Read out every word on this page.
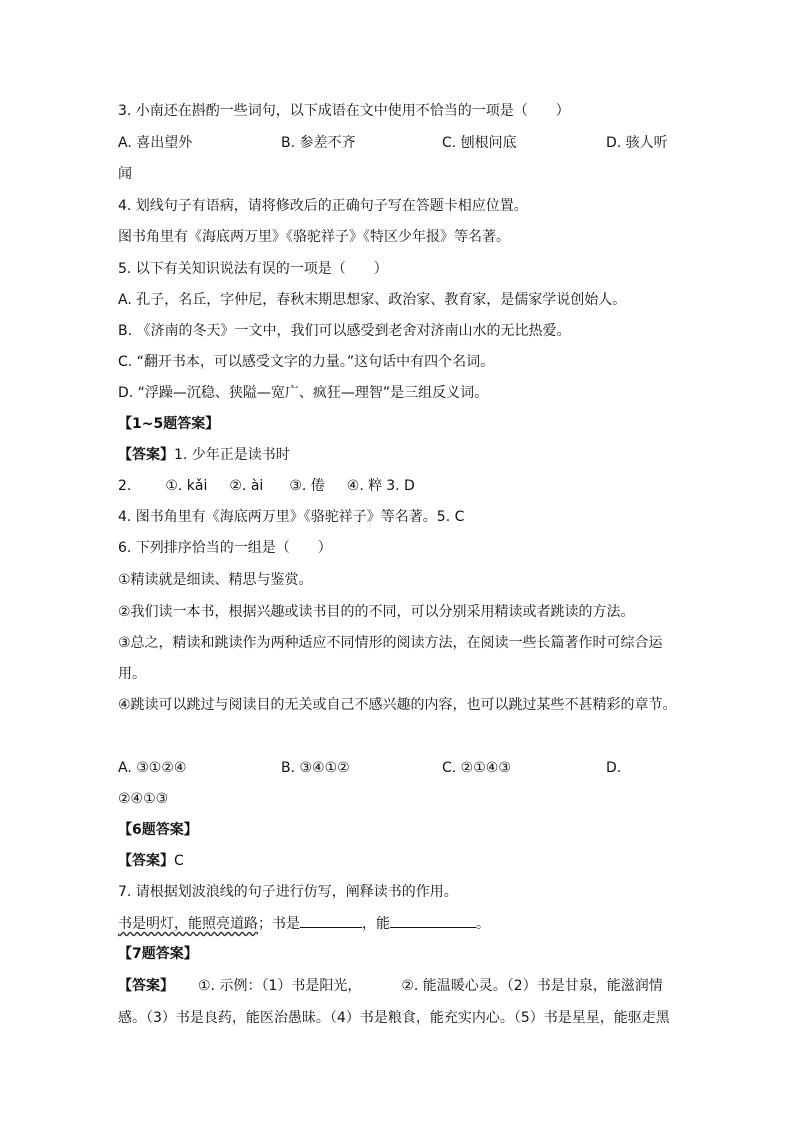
3. 小南还在斟酌一些词句，以下成语在文中使用不恰当的一项是（　　）
A. 喜出望外	B. 参差不齐	C. 刨根问底	D. 骇人听
闻
4. 划线句子有语病，请将修改后的正确句子写在答题卡相应位置。
图书角里有《海底两万里》《骆驼祥子》《特区少年报》等名著。
5. 以下有关知识说法有误的一项是（　　）
A. 孔子，名丘，字仲尼，春秋末期思想家、政治家、教育家，是儒家学说创始人。
B. 《济南的冬天》一文中，我们可以感受到老舍对济南山水的无比热爱。
C. “翻开书本，可以感受文字的力量。”这句话中有四个名词。
D. “浮躁—沉稳、狭隘—宽广、疯狂—理智”是三组反义词。
【1~5题答案】
【答案】1. 少年正是读书时
2. ①. kǎi ②. ài ③. 倦 ④. 粹 3. D
4. 图书角里有《海底两万里》《骆驼祥子》等名著。5. C
6. 下列排序恰当的一组是（　　）
①精读就是细读、精思与鉴赏。
②我们读一本书，根据兴趣或读书目的的不同，可以分别采用精读或者跳读的方法。
③总之，精读和跳读作为两种适应不同情形的阅读方法，在阅读一些长篇著作时可综合运
用。
④跳读可以跳过与阅读目的无关或自己不感兴趣的内容，也可以跳过某些不甚精彩的章节。
A. ③①②④	B. ③④①②	C. ②①④③	D.
②④①③
【6题答案】
【答案】C
7. 请根据划波浪线的句子进行仿写，阐释读书的作用。
书是明灯，能照亮道路；书是	，能	。
【7题答案】
【答案】 ①. 示例：（1）书是阳光，	②. 能温暖心灵。（2）书是甘泉，能滋润情
感。（3）书是良药，能医治愚昧。（4）书是粮食，能充实内心。（5）书是星星，能驱走黑
